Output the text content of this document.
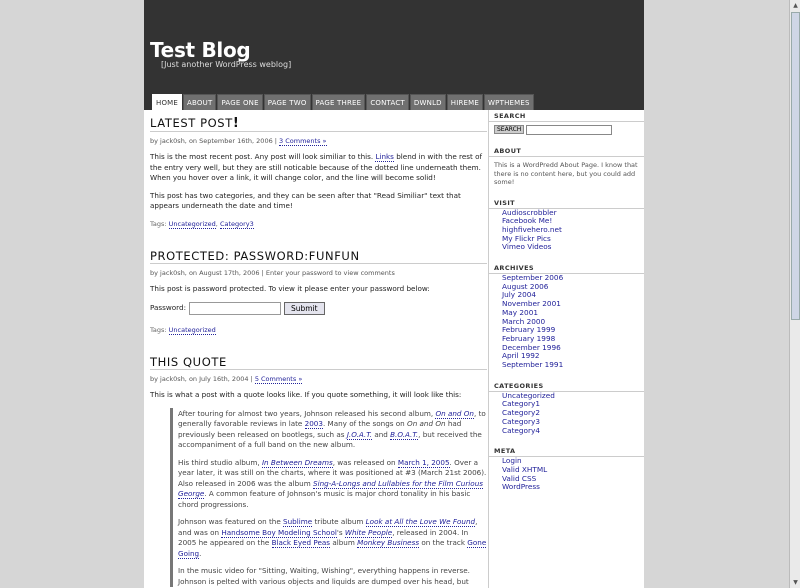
Test Blog
[Just another WordPress weblog]
HOME	ABOUT	PAGE ONE	PAGE TWO	PAGE THREE	CONTACT	DWNLD	HIREME	WPTHEMES
LATEST POST!
by jack0sh, on September 16th, 2006 | 3 Comments »

This is the most recent post. Any post will look similiar to this. Links blend in with the rest of the entry very well, but they are still noticable because of the dotted line underneath them. When you hover over a link, it will change color, and the line will become solid!

This post has two categories, and they can be seen after that "Read Similiar" text that appears underneath the date and time!

Tags: Uncategorized, Category3
PROTECTED: PASSWORD:FUNFUN
by jack0sh, on August 17th, 2006 | Enter your password to view comments

This post is password protected. To view it please enter your password below:

Password:	Submit
Tags: Uncategorized
THIS QUOTE
by jack0sh, on July 16th, 2004 | 5 Comments »

This is what a post with a quote looks like. If you quote something, it will look like this:

After touring for almost two years, Johnson released his second album, On and On, to generally favorable reviews in late 2003. Many of the songs on On and On had previously been released on bootlegs, such as J.O.A.T. and B.O.A.T., but received the accompaniment of a full band on the new album.

His third studio album, In Between Dreams, was released on March 1, 2005. Over a year later, it was still on the charts, where it was positioned at #3 (March 21st 2006). Also released in 2006 was the album Sing-A-Longs and Lullabies for the Film Curious George. A common feature of Johnson's music is major chord tonality in his basic chord progressions.

Johnson was featured on the Sublime tribute album Look at All the Love We Found, and was on Handsome Boy Modeling School's White People, released in 2004. In 2005 he appeared on the Black Eyed Peas album Monkey Business on the track Gone Going.

In the music video for "Sitting, Waiting, Wishing", everything happens in reverse. Johnson is pelted with various objects and liquids are dumped over his head, but

SEARCH
SEARCH
ABOUT
This is a WordPredd About Page. I know that there is no content here, but you could add some!
VISIT
Audioscrobbler
Facebook Me!
highfivehero.net
My Flickr Pics
Vimeo Videos
ARCHIVES
September 2006
August 2006
July 2004
November 2001
May 2001
March 2000
February 1999
February 1998
December 1996
April 1992
September 1991
CATEGORIES
Uncategorized
Category1
Category2
Category3
Category4
META
Login
Valid XHTML
Valid CSS
WordPress
▲
▼
